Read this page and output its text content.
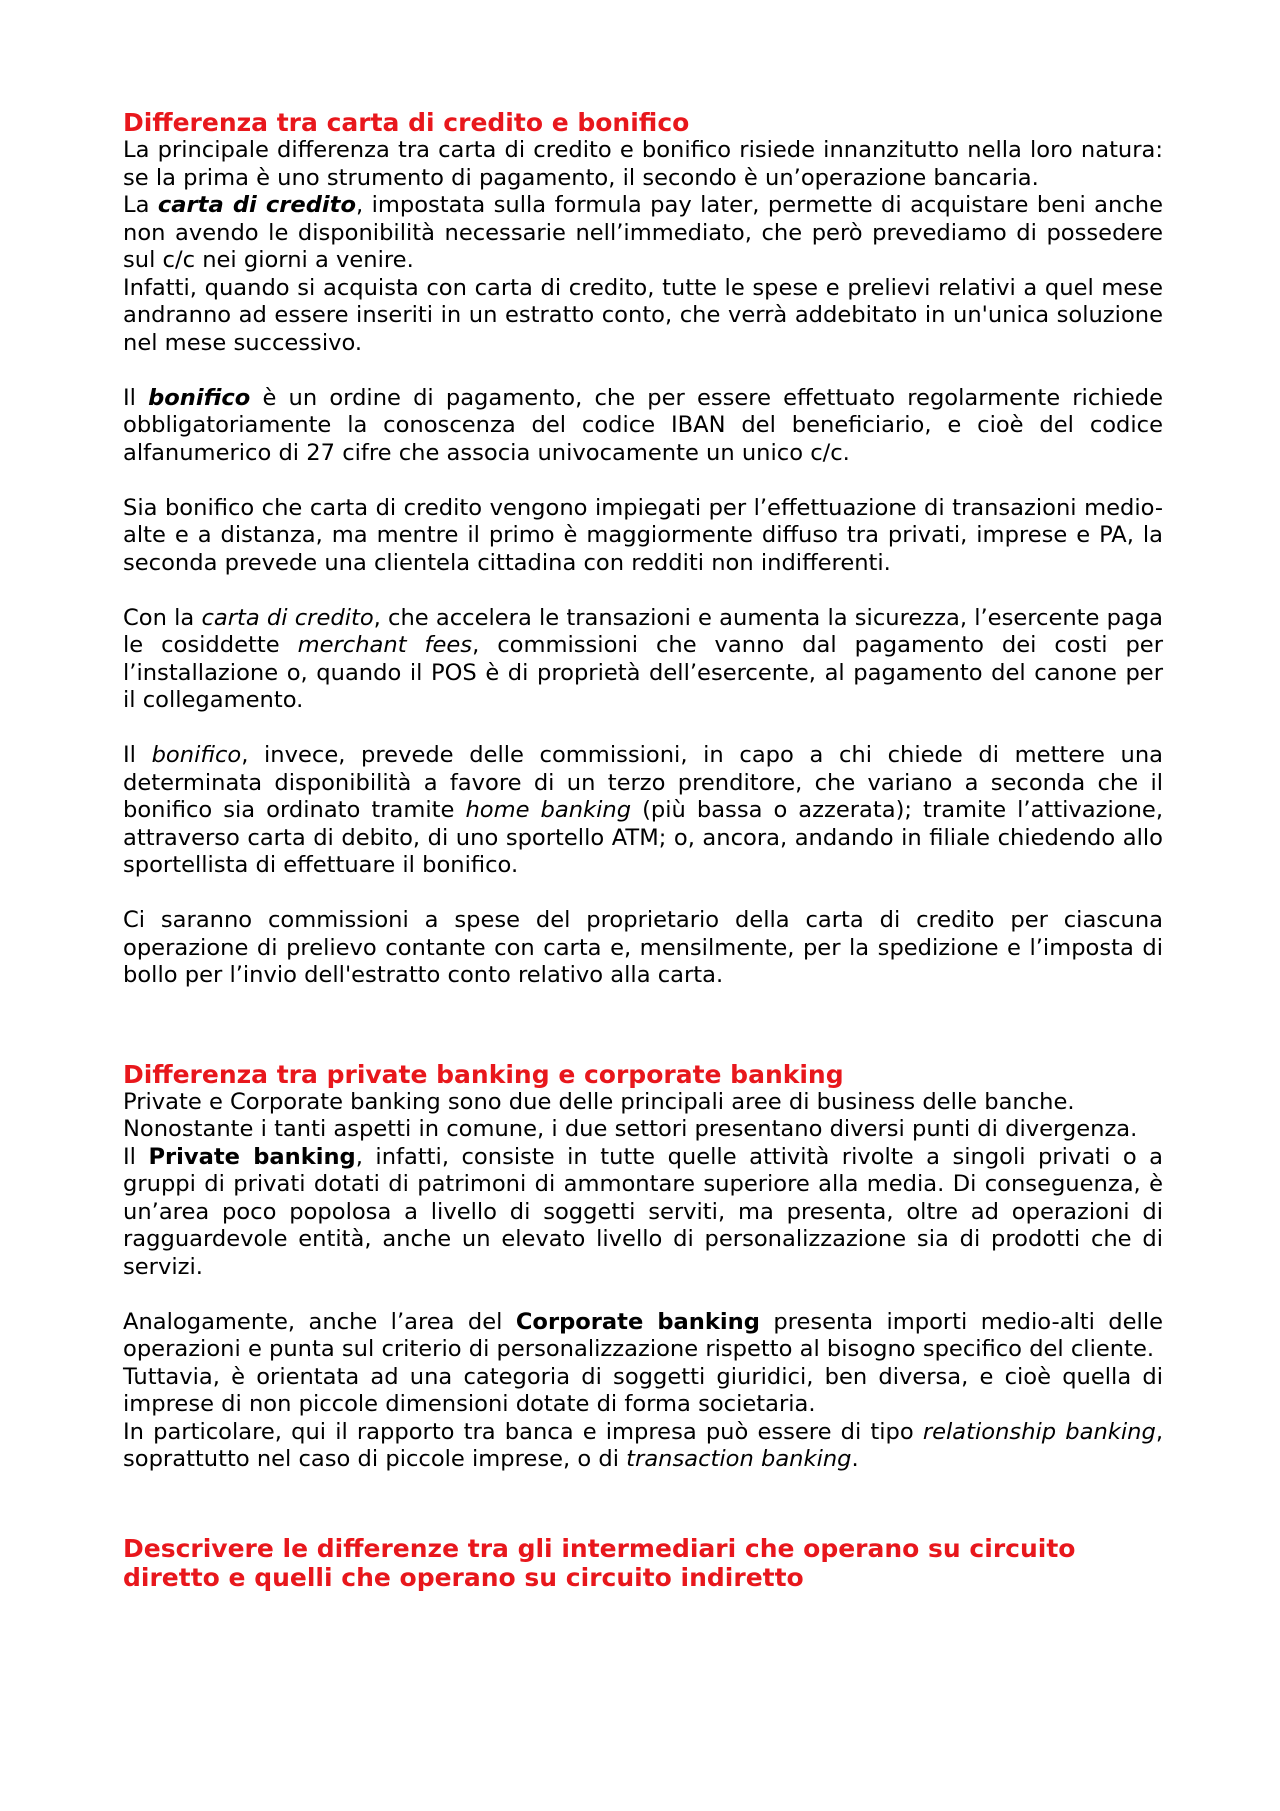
Differenza tra carta di credito e bonifico

La principale differenza tra carta di credito e bonifico risiede innanzitutto nella loro natura: se la prima è uno strumento di pagamento, il secondo è un’operazione bancaria.

La carta di credito, impostata sulla formula pay later, permette di acquistare beni anche non avendo le disponibilità necessarie nell’immediato, che però prevediamo di possedere sul c/c nei giorni a venire.

Infatti, quando si acquista con carta di credito, tutte le spese e prelievi relativi a quel mese andranno ad essere inseriti in un estratto conto, che verrà addebitato in un'unica soluzione nel mese successivo.

Il bonifico è un ordine di pagamento, che per essere effettuato regolarmente richiede obbligatoriamente la conoscenza del codice IBAN del beneficiario, e cioè del codice alfanumerico di 27 cifre che associa univocamente un unico c/c.

Sia bonifico che carta di credito vengono impiegati per l’effettuazione di transazioni medio-alte e a distanza, ma mentre il primo è maggiormente diffuso tra privati, imprese e PA, la seconda prevede una clientela cittadina con redditi non indifferenti.

Con la carta di credito, che accelera le transazioni e aumenta la sicurezza, l’esercente paga le cosiddette merchant fees, commissioni che vanno dal pagamento dei costi per l’installazione o, quando il POS è di proprietà dell’esercente, al pagamento del canone per il collegamento.

Il bonifico, invece, prevede delle commissioni, in capo a chi chiede di mettere una determinata disponibilità a favore di un terzo prenditore, che variano a seconda che il bonifico sia ordinato tramite home banking (più bassa o azzerata); tramite l’attivazione, attraverso carta di debito, di uno sportello ATM; o, ancora, andando in filiale chiedendo allo sportellista di effettuare il bonifico.

Ci saranno commissioni a spese del proprietario della carta di credito per ciascuna operazione di prelievo contante con carta e, mensilmente, per la spedizione e l’imposta di bollo per l’invio dell'estratto conto relativo alla carta.

Differenza tra private banking e corporate banking

Private e Corporate banking sono due delle principali aree di business delle banche.

Nonostante i tanti aspetti in comune, i due settori presentano diversi punti di divergenza.

Il Private banking, infatti, consiste in tutte quelle attività rivolte a singoli privati o a gruppi di privati dotati di patrimoni di ammontare superiore alla media. Di conseguenza, è un’area poco popolosa a livello di soggetti serviti, ma presenta, oltre ad operazioni di ragguardevole entità, anche un elevato livello di personalizzazione sia di prodotti che di servizi.

Analogamente, anche l’area del Corporate banking presenta importi medio-alti delle operazioni e punta sul criterio di personalizzazione rispetto al bisogno specifico del cliente.

Tuttavia, è orientata ad una categoria di soggetti giuridici, ben diversa, e cioè quella di imprese di non piccole dimensioni dotate di forma societaria.

In particolare, qui il rapporto tra banca e impresa può essere di tipo relationship banking, soprattutto nel caso di piccole imprese, o di transaction banking.

Descrivere le differenze tra gli intermediari che operano su circuito diretto e quelli che operano su circuito indiretto
